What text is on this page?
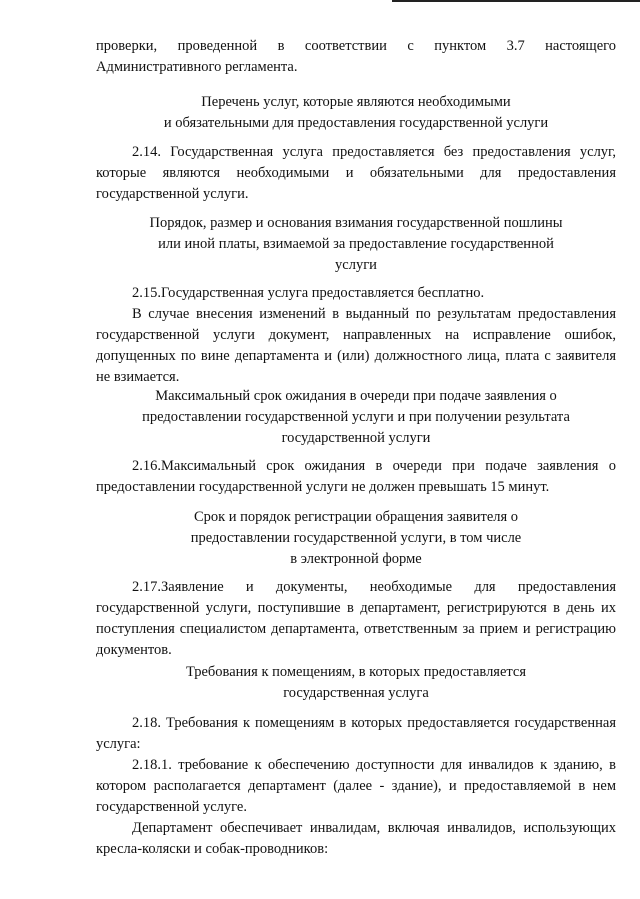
проверки, проведенной в соответствии с пунктом 3.7 настоящего Административного регламента.

Перечень услуг, которые являются необходимыми
и обязательными для предоставления государственной услуги

2.14. Государственная услуга предоставляется без предоставления услуг, которые являются необходимыми и обязательными для предоставления государственной услуги.

Порядок, размер и основания взимания государственной пошлины
или иной платы, взимаемой за предоставление государственной
услуги

2.15.Государственная услуга предоставляется бесплатно.

В случае внесения изменений в выданный по результатам предоставления государственной услуги документ, направленных на исправление ошибок, допущенных по вине департамента и (или) должностного лица, плата с заявителя не взимается.

Максимальный срок ожидания в очереди при подаче заявления о
предоставлении государственной услуги и при получении результата
государственной услуги

2.16.Максимальный срок ожидания в очереди при подаче заявления о предоставлении государственной услуги не должен превышать 15 минут.

Срок и порядок регистрации обращения заявителя о
предоставлении государственной услуги, в том числе
в электронной форме

2.17.Заявление и документы, необходимые для предоставления государственной услуги, поступившие в департамент, регистрируются в день их поступления специалистом департамента, ответственным за прием и регистрацию документов.

Требования к помещениям, в которых предоставляется
государственная услуга

2.18. Требования к помещениям в которых предоставляется государственная услуга:

2.18.1. требование к обеспечению доступности для инвалидов к зданию, в котором располагается департамент (далее - здание), и предоставляемой в нем государственной услуге.

Департамент обеспечивает инвалидам, включая инвалидов, использующих кресла-коляски и собак-проводников:
